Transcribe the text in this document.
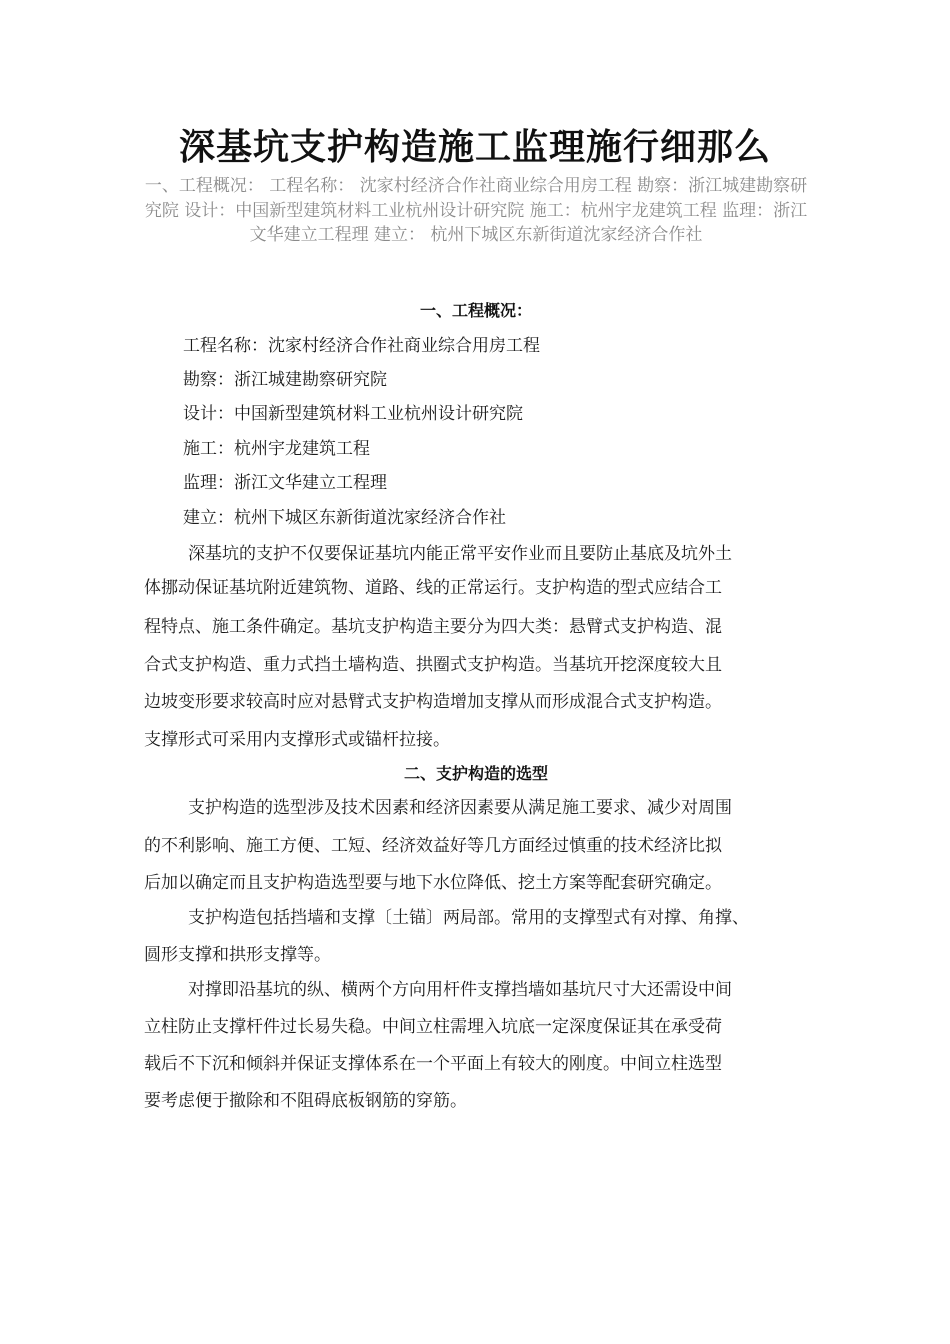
深基坑支护构造施工监理施行细那么
一、工程概况： 工程名称： 沈家村经济合作社商业综合用房工程 勘察：浙江城建勘察研究院 设计：中国新型建筑材料工业杭州设计研究院 施工：杭州宇龙建筑工程 监理：浙江文华建立工程理 建立： 杭州下城区东新街道沈家经济合作社
一、工程概况：
工程名称：沈家村经济合作社商业综合用房工程
勘察：浙江城建勘察研究院
设计：中国新型建筑材料工业杭州设计研究院
施工：杭州宇龙建筑工程
监理：浙江文华建立工程理
建立：杭州下城区东新街道沈家经济合作社
深基坑的支护不仅要保证基坑内能正常平安作业而且要防止基底及坑外土
体挪动保证基坑附近建筑物、道路、线的正常运行。支护构造的型式应结合工
程特点、施工条件确定。基坑支护构造主要分为四大类：悬臂式支护构造、混
合式支护构造、重力式挡土墙构造、拱圈式支护构造。当基坑开挖深度较大且
边坡变形要求较高时应对悬臂式支护构造增加支撑从而形成混合式支护构造。
支撑形式可采用内支撑形式或锚杆拉接。
二、支护构造的选型
支护构造的选型涉及技术因素和经济因素要从满足施工要求、减少对周围
的不利影响、施工方便、工短、经济效益好等几方面经过慎重的技术经济比拟
后加以确定而且支护构造选型要与地下水位降低、挖土方案等配套研究确定。
支护构造包括挡墙和支撑〔土锚〕两局部。常用的支撑型式有对撑、角撑、
圆形支撑和拱形支撑等。
对撑即沿基坑的纵、横两个方向用杆件支撑挡墙如基坑尺寸大还需设中间
立柱防止支撑杆件过长易失稳。中间立柱需埋入坑底一定深度保证其在承受荷
载后不下沉和倾斜并保证支撑体系在一个平面上有较大的刚度。中间立柱选型
要考虑便于撤除和不阻碍底板钢筋的穿筋。
